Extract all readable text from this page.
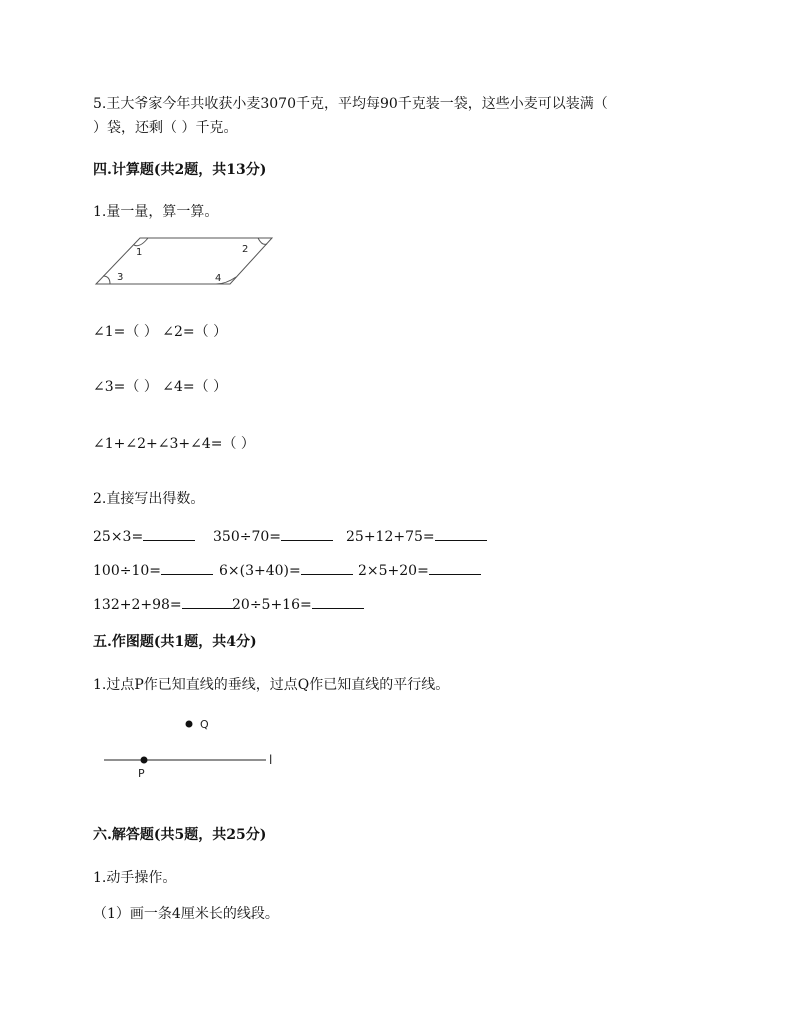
5.王大爷家今年共收获小麦3070千克，平均每90千克装一袋，这些小麦可以装满（
）袋，还剩（ ）千克。
四.计算题(共2题，共13分)
1.量一量，算一算。
1	2
3	4
∠1=（ ） ∠2=（ ）
∠3=（ ） ∠4=（ ）
∠1+∠2+∠3+∠4=（ ）
2.直接写出得数。
25×3=	350÷70=	25+12+75=
100÷10=	6×(3+40)=	2×5+20=
132+2+98=	20÷5+16=
五.作图题(共1题，共4分)
1.过点P作已知直线的垂线，过点Q作已知直线的平行线。
Q
P
l
六.解答题(共5题，共25分)
1.动手操作。
（1）画一条4厘米长的线段。
